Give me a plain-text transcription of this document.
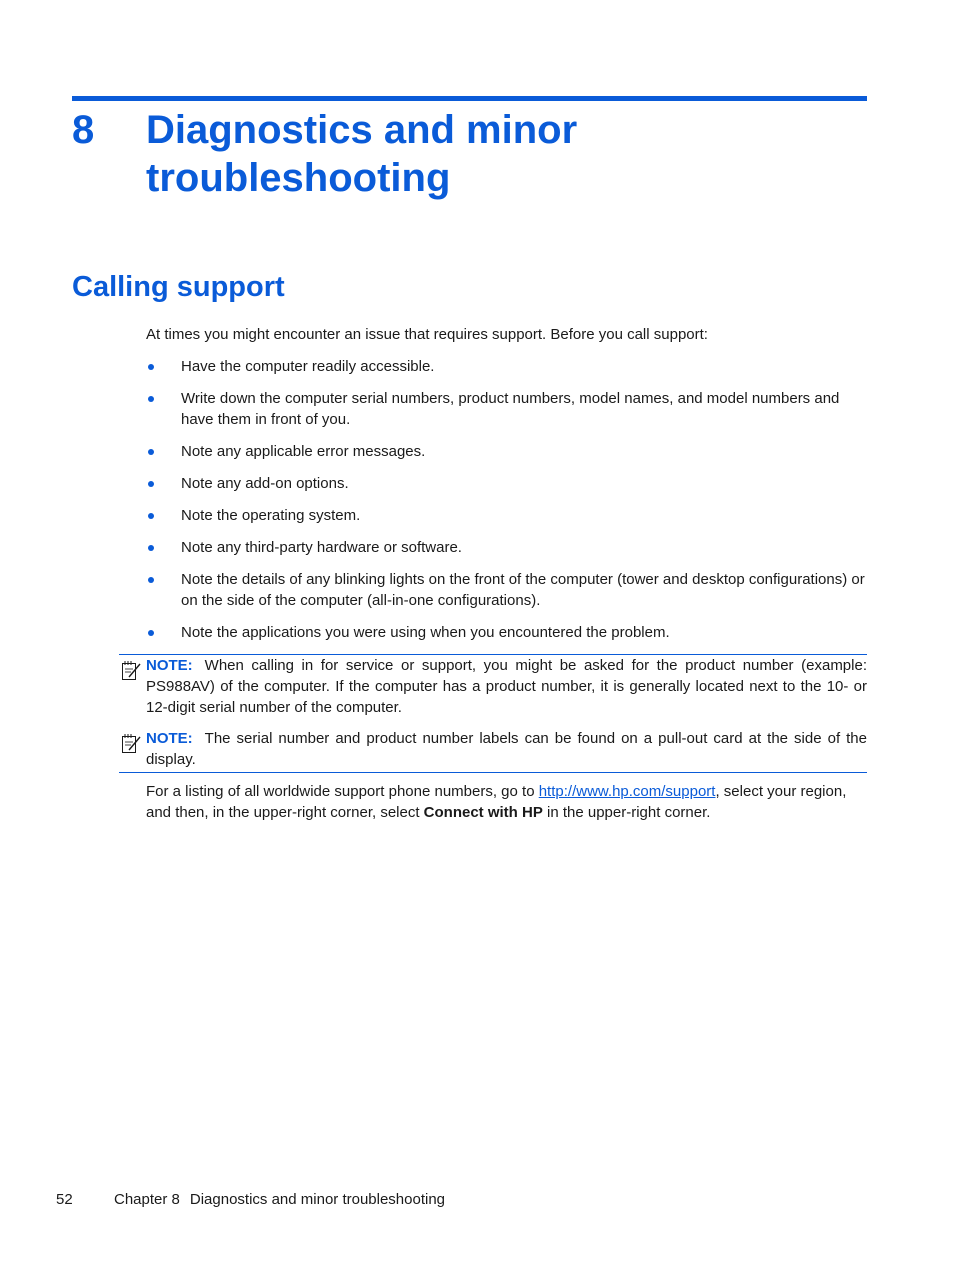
8 Diagnostics and minor troubleshooting
Calling support
At times you might encounter an issue that requires support. Before you call support:
Have the computer readily accessible.
Write down the computer serial numbers, product numbers, model names, and model numbers and have them in front of you.
Note any applicable error messages.
Note any add-on options.
Note the operating system.
Note any third-party hardware or software.
Note the details of any blinking lights on the front of the computer (tower and desktop configurations) or on the side of the computer (all-in-one configurations).
Note the applications you were using when you encountered the problem.
NOTE: When calling in for service or support, you might be asked for the product number (example: PS988AV) of the computer. If the computer has a product number, it is generally located next to the 10- or 12-digit serial number of the computer.
NOTE: The serial number and product number labels can be found on a pull-out card at the side of the display.
For a listing of all worldwide support phone numbers, go to http://www.hp.com/support, select your region, and then, in the upper-right corner, select Connect with HP in the upper-right corner.
52	Chapter 8 Diagnostics and minor troubleshooting
